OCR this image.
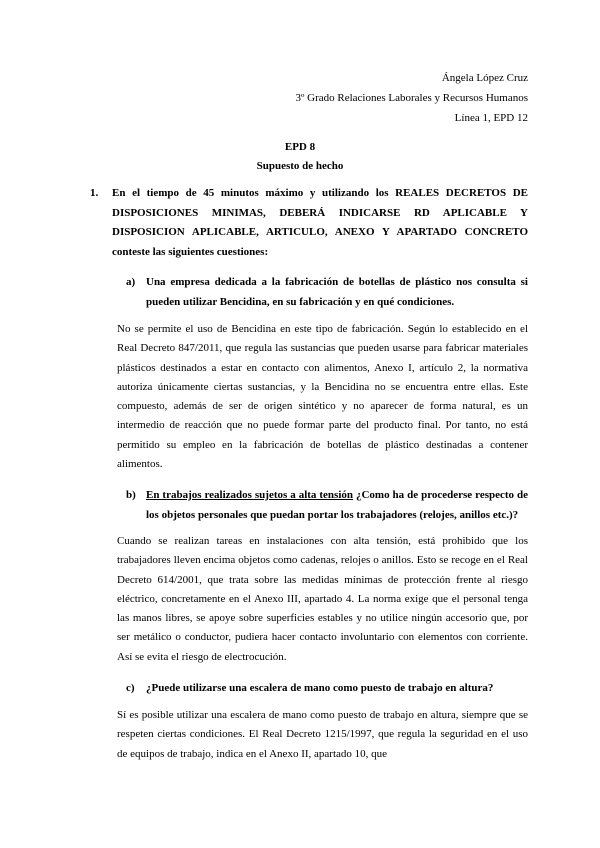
Ángela López Cruz
3º Grado Relaciones Laborales y Recursos Humanos
Línea 1, EPD 12
EPD 8
Supuesto de hecho
1. En el tiempo de 45 minutos máximo y utilizando los REALES DECRETOS DE DISPOSICIONES MINIMAS, DEBERÁ INDICARSE RD APLICABLE Y DISPOSICION APLICABLE, ARTICULO, ANEXO Y APARTADO CONCRETO conteste las siguientes cuestiones:
a) Una empresa dedicada a la fabricación de botellas de plástico nos consulta si pueden utilizar Bencidina, en su fabricación y en qué condiciones.

No se permite el uso de Bencidina en este tipo de fabricación. Según lo establecido en el Real Decreto 847/2011, que regula las sustancias que pueden usarse para fabricar materiales plásticos destinados a estar en contacto con alimentos, Anexo I, artículo 2, la normativa autoriza únicamente ciertas sustancias, y la Bencidina no se encuentra entre ellas. Este compuesto, además de ser de origen sintético y no aparecer de forma natural, es un intermedio de reacción que no puede formar parte del producto final. Por tanto, no está permitido su empleo en la fabricación de botellas de plástico destinadas a contener alimentos.

b) En trabajos realizados sujetos a alta tensión ¿Como ha de procederse respecto de los objetos personales que puedan portar los trabajadores (relojes, anillos etc.)?

Cuando se realizan tareas en instalaciones con alta tensión, está prohibido que los trabajadores lleven encima objetos como cadenas, relojes o anillos. Esto se recoge en el Real Decreto 614/2001, que trata sobre las medidas mínimas de protección frente al riesgo eléctrico, concretamente en el Anexo III, apartado 4. La norma exige que el personal tenga las manos libres, se apoye sobre superficies estables y no utilice ningún accesorio que, por ser metálico o conductor, pudiera hacer contacto involuntario con elementos con corriente. Así se evita el riesgo de electrocución.

c) ¿Puede utilizarse una escalera de mano como puesto de trabajo en altura?

Sí es posible utilizar una escalera de mano como puesto de trabajo en altura, siempre que se respeten ciertas condiciones. El Real Decreto 1215/1997, que regula la seguridad en el uso de equipos de trabajo, indica en el Anexo II, apartado 10, que
